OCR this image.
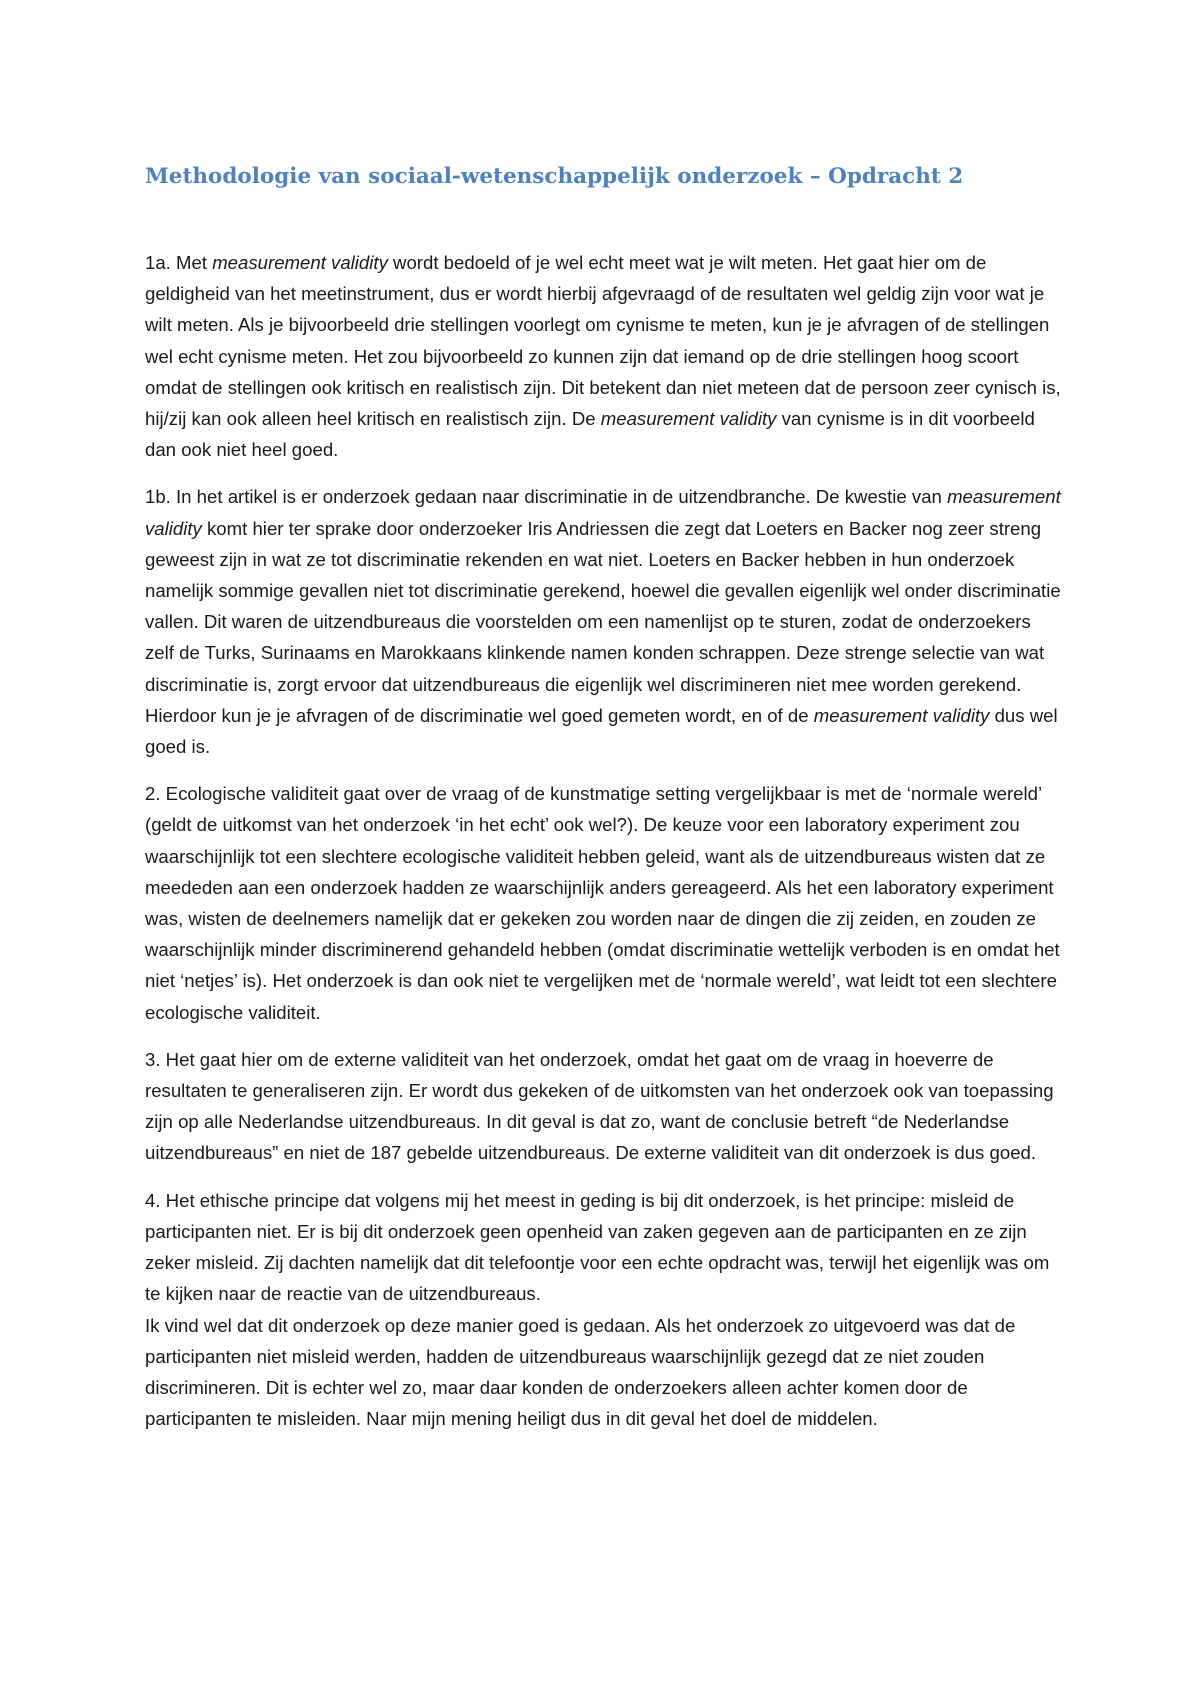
Methodologie van sociaal-wetenschappelijk onderzoek – Opdracht 2

1a. Met measurement validity wordt bedoeld of je wel echt meet wat je wilt meten. Het gaat hier om de geldigheid van het meetinstrument, dus er wordt hierbij afgevraagd of de resultaten wel geldig zijn voor wat je wilt meten. Als je bijvoorbeeld drie stellingen voorlegt om cynisme te meten, kun je je afvragen of de stellingen wel echt cynisme meten. Het zou bijvoorbeeld zo kunnen zijn dat iemand op de drie stellingen hoog scoort omdat de stellingen ook kritisch en realistisch zijn. Dit betekent dan niet meteen dat de persoon zeer cynisch is, hij/zij kan ook alleen heel kritisch en realistisch zijn. De measurement validity van cynisme is in dit voorbeeld dan ook niet heel goed.

1b. In het artikel is er onderzoek gedaan naar discriminatie in de uitzendbranche. De kwestie van measurement validity komt hier ter sprake door onderzoeker Iris Andriessen die zegt dat Loeters en Backer nog zeer streng geweest zijn in wat ze tot discriminatie rekenden en wat niet. Loeters en Backer hebben in hun onderzoek namelijk sommige gevallen niet tot discriminatie gerekend, hoewel die gevallen eigenlijk wel onder discriminatie vallen. Dit waren de uitzendbureaus die voorstelden om een namenlijst op te sturen, zodat de onderzoekers zelf de Turks, Surinaams en Marokkaans klinkende namen konden schrappen. Deze strenge selectie van wat discriminatie is, zorgt ervoor dat uitzendbureaus die eigenlijk wel discrimineren niet mee worden gerekend. Hierdoor kun je je afvragen of de discriminatie wel goed gemeten wordt, en of de measurement validity dus wel goed is.

2. Ecologische validiteit gaat over de vraag of de kunstmatige setting vergelijkbaar is met de ‘normale wereld’ (geldt de uitkomst van het onderzoek ‘in het echt’ ook wel?). De keuze voor een laboratory experiment zou waarschijnlijk tot een slechtere ecologische validiteit hebben geleid, want als de uitzendbureaus wisten dat ze meededen aan een onderzoek hadden ze waarschijnlijk anders gereageerd. Als het een laboratory experiment was, wisten de deelnemers namelijk dat er gekeken zou worden naar de dingen die zij zeiden, en zouden ze waarschijnlijk minder discriminerend gehandeld hebben (omdat discriminatie wettelijk verboden is en omdat het niet ‘netjes’ is). Het onderzoek is dan ook niet te vergelijken met de ‘normale wereld’, wat leidt tot een slechtere ecologische validiteit.

3. Het gaat hier om de externe validiteit van het onderzoek, omdat het gaat om de vraag in hoeverre de resultaten te generaliseren zijn. Er wordt dus gekeken of de uitkomsten van het onderzoek ook van toepassing zijn op alle Nederlandse uitzendbureaus. In dit geval is dat zo, want de conclusie betreft “de Nederlandse uitzendbureaus” en niet de 187 gebelde uitzendbureaus. De externe validiteit van dit onderzoek is dus goed.

4. Het ethische principe dat volgens mij het meest in geding is bij dit onderzoek, is het principe: misleid de participanten niet. Er is bij dit onderzoek geen openheid van zaken gegeven aan de participanten en ze zijn zeker misleid. Zij dachten namelijk dat dit telefoontje voor een echte opdracht was, terwijl het eigenlijk was om te kijken naar de reactie van de uitzendbureaus.

Ik vind wel dat dit onderzoek op deze manier goed is gedaan. Als het onderzoek zo uitgevoerd was dat de participanten niet misleid werden, hadden de uitzendbureaus waarschijnlijk gezegd dat ze niet zouden discrimineren. Dit is echter wel zo, maar daar konden de onderzoekers alleen achter komen door de participanten te misleiden. Naar mijn mening heiligt dus in dit geval het doel de middelen.
